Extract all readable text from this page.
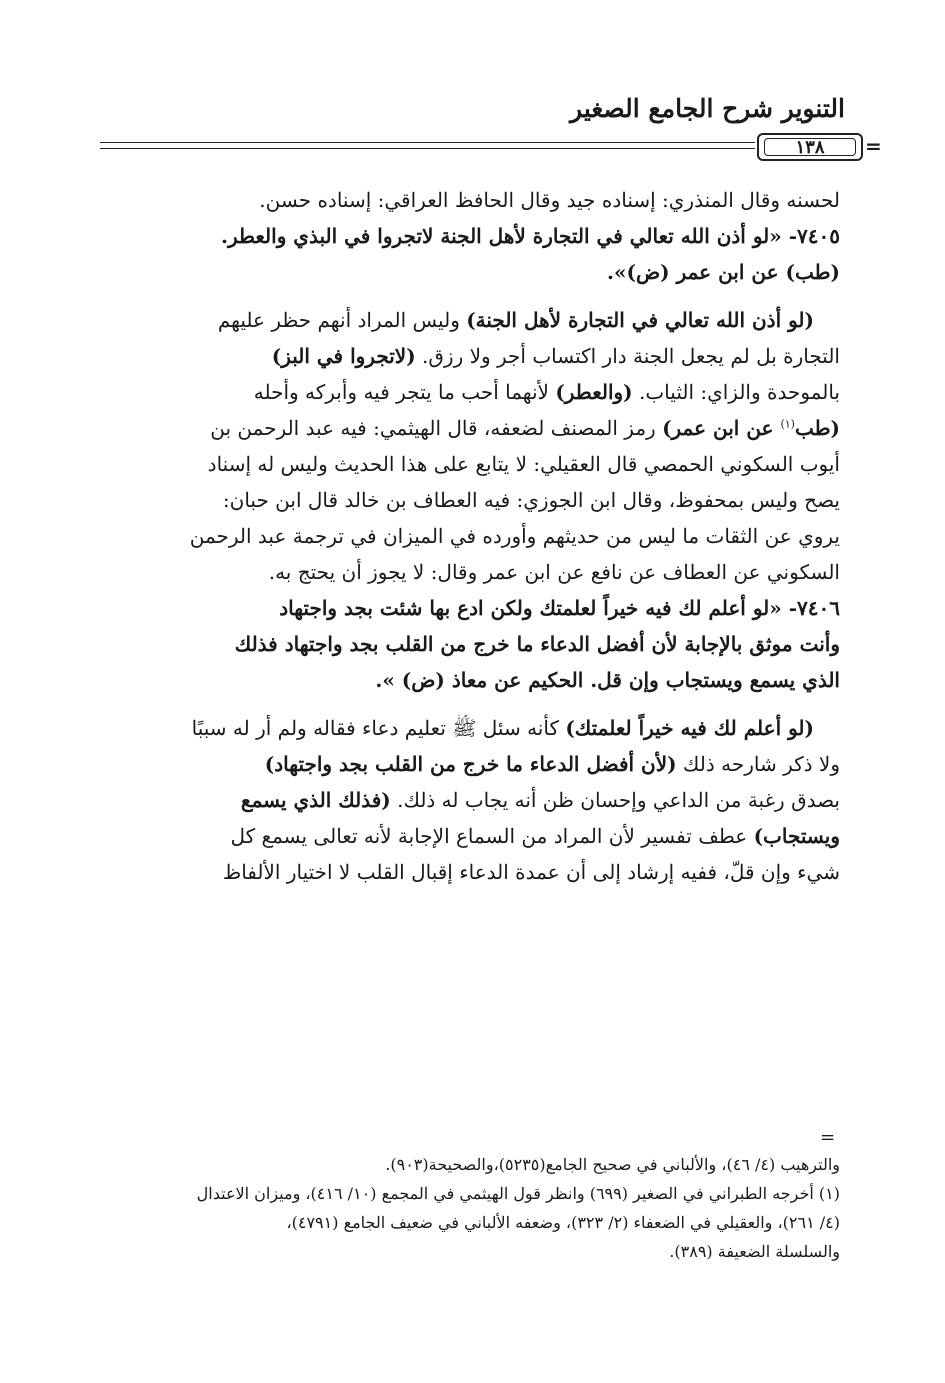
التنوير شرح الجامع الصغير
١٣٨	=
لحسنه وقال المنذري: إسناده جيد وقال الحافظ العراقي: إسناده حسن.
٧٤٠٥- «لو أذن الله تعالي في التجارة لأهل الجنة لاتجروا في البذي والعطر.
(طب) عن ابن عمر (ض)».
(لو أذن الله تعالي في التجارة لأهل الجنة) وليس المراد أنهم حظر عليهم
التجارة بل لم يجعل الجنة دار اكتساب أجر ولا رزق. (لاتجروا في البز)
بالموحدة والزاي: الثياب. (والعطر) لأنهما أحب ما يتجر فيه وأبركه وأحله
(طب$^{(١)}$ عن ابن عمر) رمز المصنف لضعفه، قال الهيثمي: فيه عبد الرحمن بن
أيوب السكوني الحمصي قال العقيلي: لا يتابع على هذا الحديث وليس له إسناد
يصح وليس بمحفوظ، وقال ابن الجوزي: فيه العطاف بن خالد قال ابن حبان:
يروي عن الثقات ما ليس من حديثهم وأورده في الميزان في ترجمة عبد الرحمن
السكوني عن العطاف عن نافع عن ابن عمر وقال: لا يجوز أن يحتج به.
٧٤٠٦- «لو أعلم لك فيه خيراً لعلمتك ولكن ادع بها شئت بجد واجتهاد
وأنت موثق بالإجابة لأن أفضل الدعاء ما خرج من القلب بجد واجتهاد فذلك
الذي يسمع ويستجاب وإن قل. الحكيم عن معاذ (ض) ».
(لو أعلم لك فيه خيراً لعلمتك) كأنه سئل ﷺ تعليم دعاء فقاله ولم أر له سببًا
ولا ذكر شارحه ذلك (لأن أفضل الدعاء ما خرج من القلب بجد واجتهاد)
بصدق رغبة من الداعي وإحسان ظن أنه يجاب له ذلك. (فذلك الذي يسمع
ويستجاب) عطف تفسير لأن المراد من السماع الإجابة لأنه تعالى يسمع كل
شيء وإن قلّ، ففيه إرشاد إلى أن عمدة الدعاء إقبال القلب لا اختيار الألفاظ
=
والترهيب (٤/ ٤٦)، والألباني في صحيح الجامع(٥٢٣٥)،والصحيحة(٩٠٣).
(١) أخرجه الطبراني في الصغير (٦٩٩) وانظر قول الهيثمي في المجمع (١٠/ ٤١٦)، وميزان الاعتدال
(٤/ ٢٦١)، والعقيلي في الضعفاء (٢/ ٣٢٣)، وضعفه الألباني في ضعيف الجامع (٤٧٩١)،
والسلسلة الضعيفة (٣٨٩).
